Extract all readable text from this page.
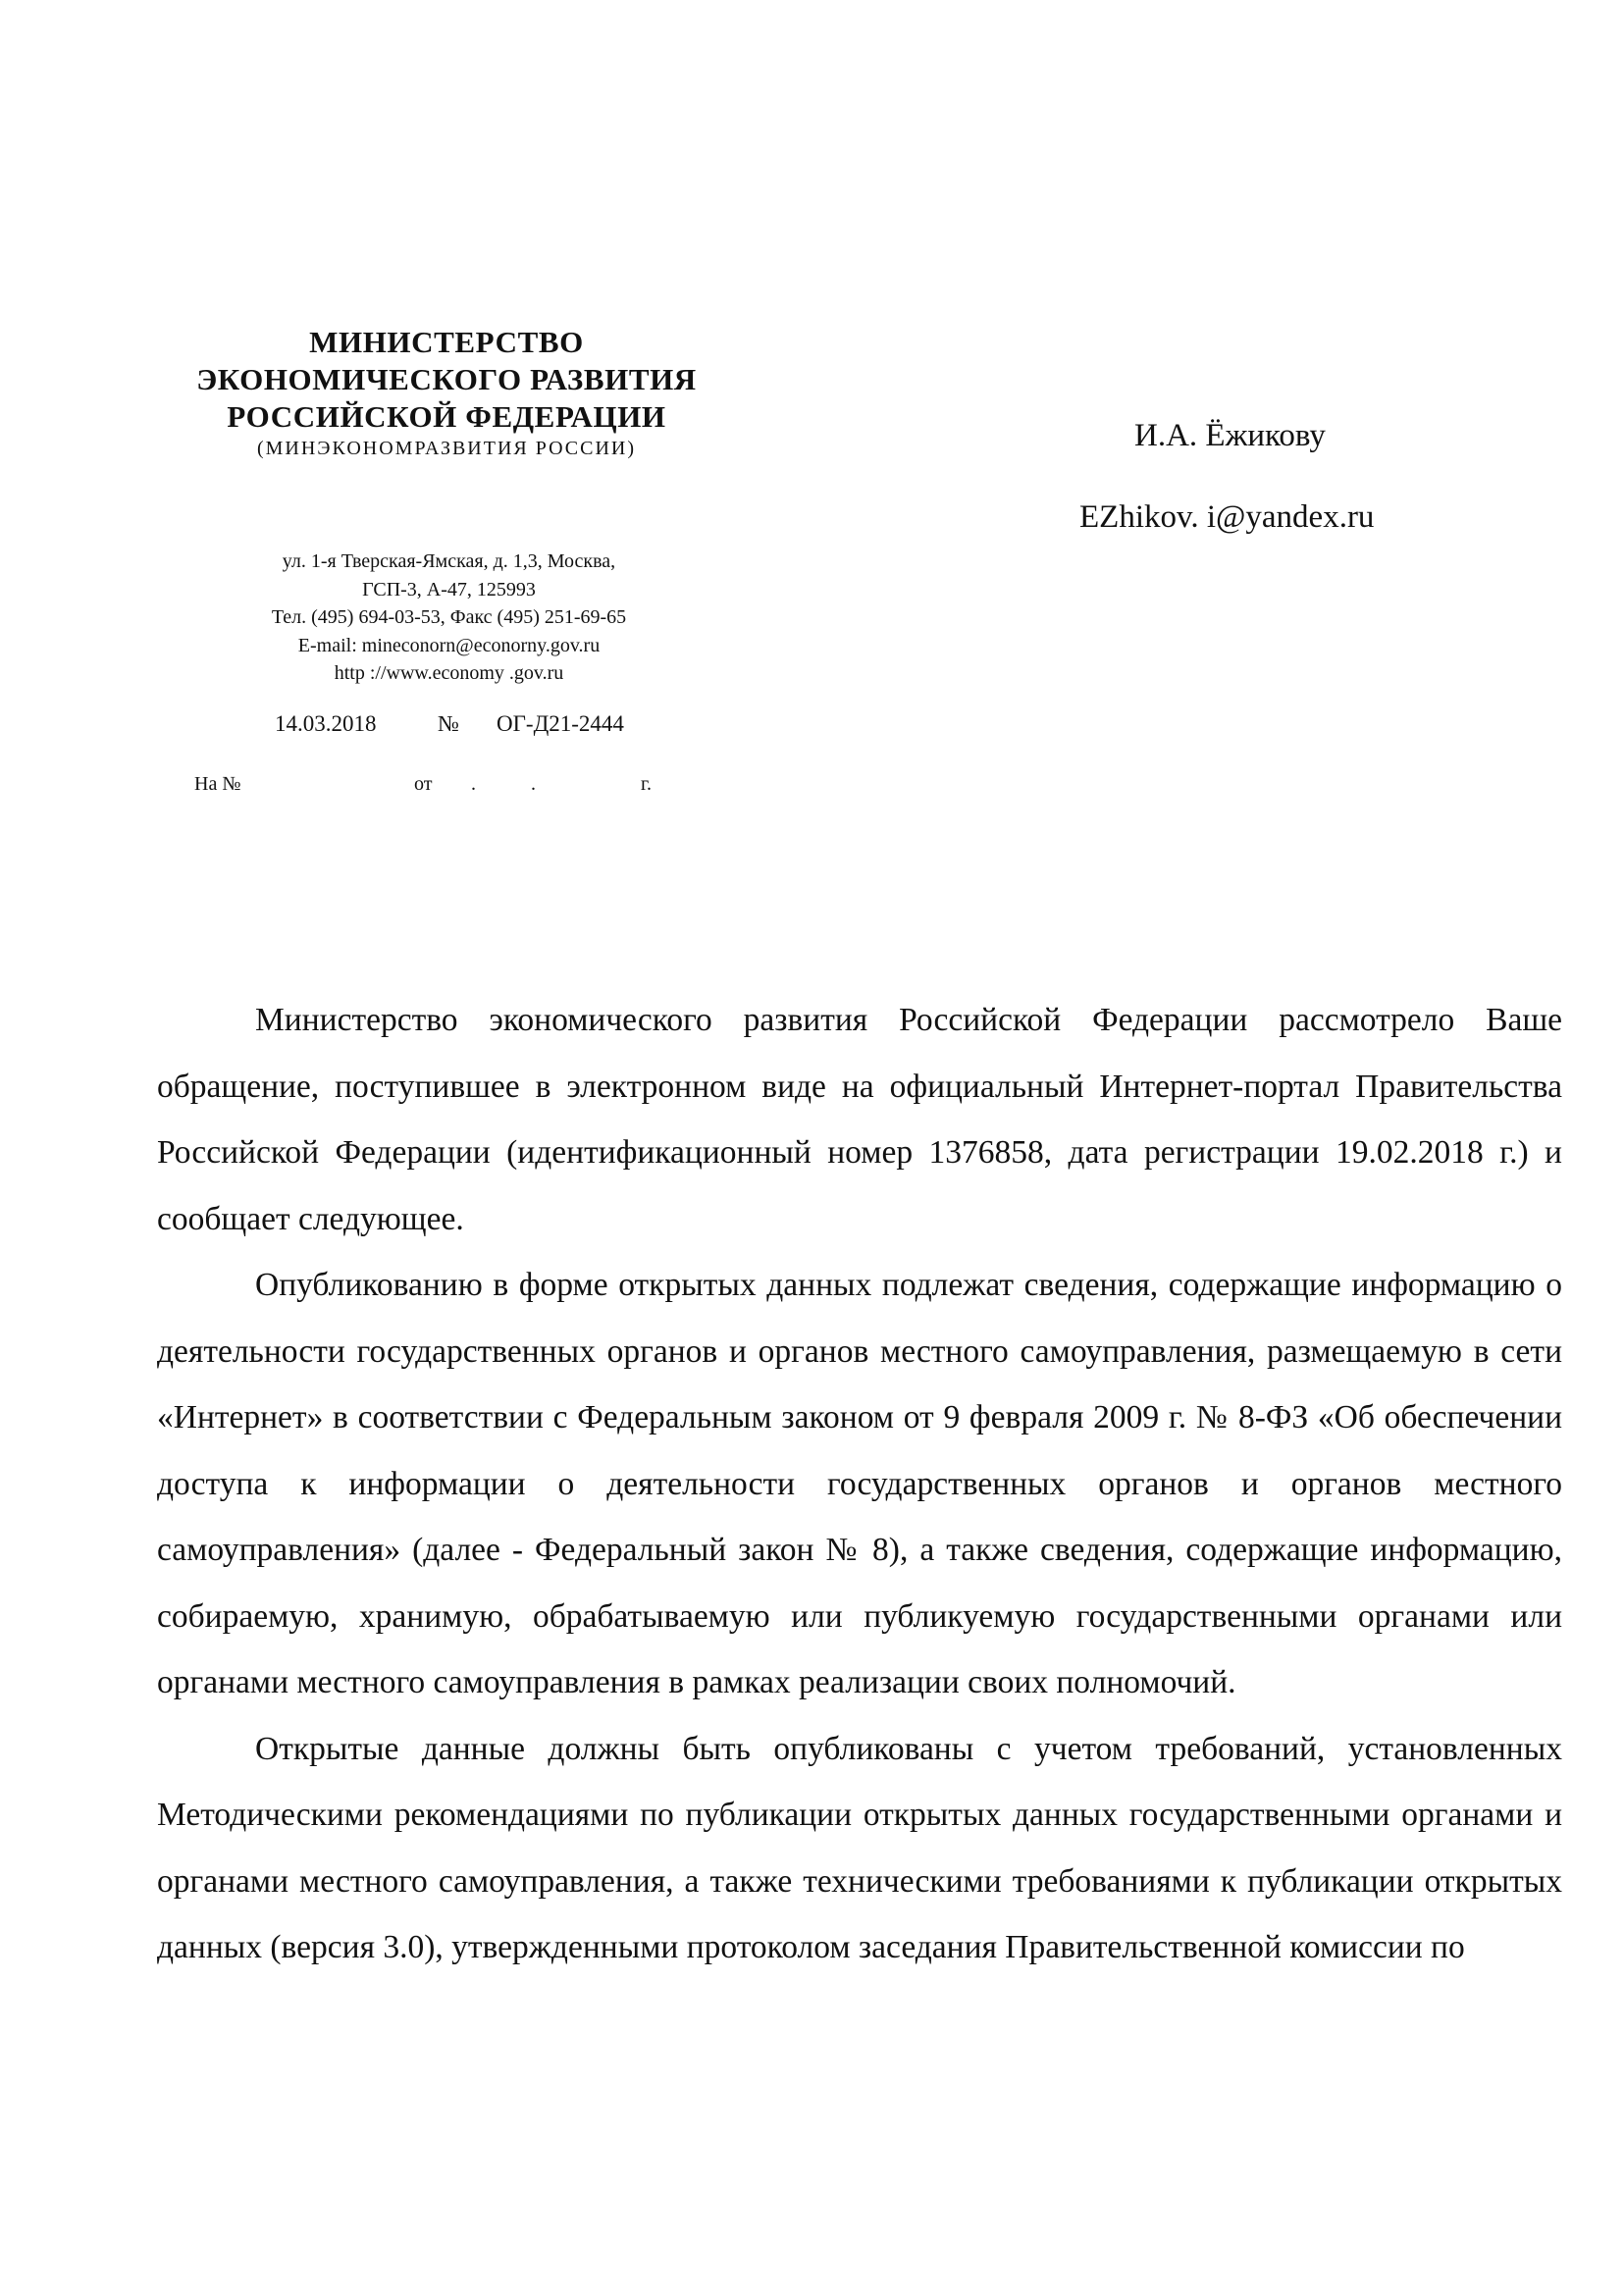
МИНИСТЕРСТВО
ЭКОНОМИЧЕСКОГО РАЗВИТИЯ
РОССИЙСКОЙ ФЕДЕРАЦИИ
(МИНЭКОНОМРАЗВИТИЯ РОССИИ)
ул. 1-я Тверская-Ямская, д. 1,3, Москва,
ГСП-3, А-47, 125993
Тел. (495) 694-03-53, Факс (495) 251-69-65
E-mail: mineconorn@econorny.gov.ru
http ://www.economy .gov.ru
14.03.2018	№ ОГ-Д21-2444
На №	от .	.	г.
И.А. Ёжикову
EZhikov. i@yandex.ru

Министерство экономического развития Российской Федерации рассмотрело Ваше обращение, поступившее в электронном виде на официальный Интернет-портал Правительства Российской Федерации (идентификационный номер 1376858, дата регистрации 19.02.2018 г.) и сообщает следующее.

Опубликованию в форме открытых данных подлежат сведения, содержащие информацию о деятельности государственных органов и органов местного самоуправления, размещаемую в сети «Интернет» в соответствии с Федеральным законом от 9 февраля 2009 г. № 8-ФЗ «Об обеспечении доступа к информации о деятельности государственных органов и органов местного самоуправления» (далее - Федеральный закон № 8), а также сведения, содержащие информацию, собираемую, хранимую, обрабатываемую или публикуемую государственными органами или органами местного самоуправления в рамках реализации своих полномочий.

Открытые данные должны быть опубликованы с учетом требований, установленных Методическими рекомендациями по публикации открытых данных государственными органами и органами местного самоуправления, а также техническими требованиями к публикации открытых данных (версия 3.0), утвержденными протоколом заседания Правительственной комиссии по
